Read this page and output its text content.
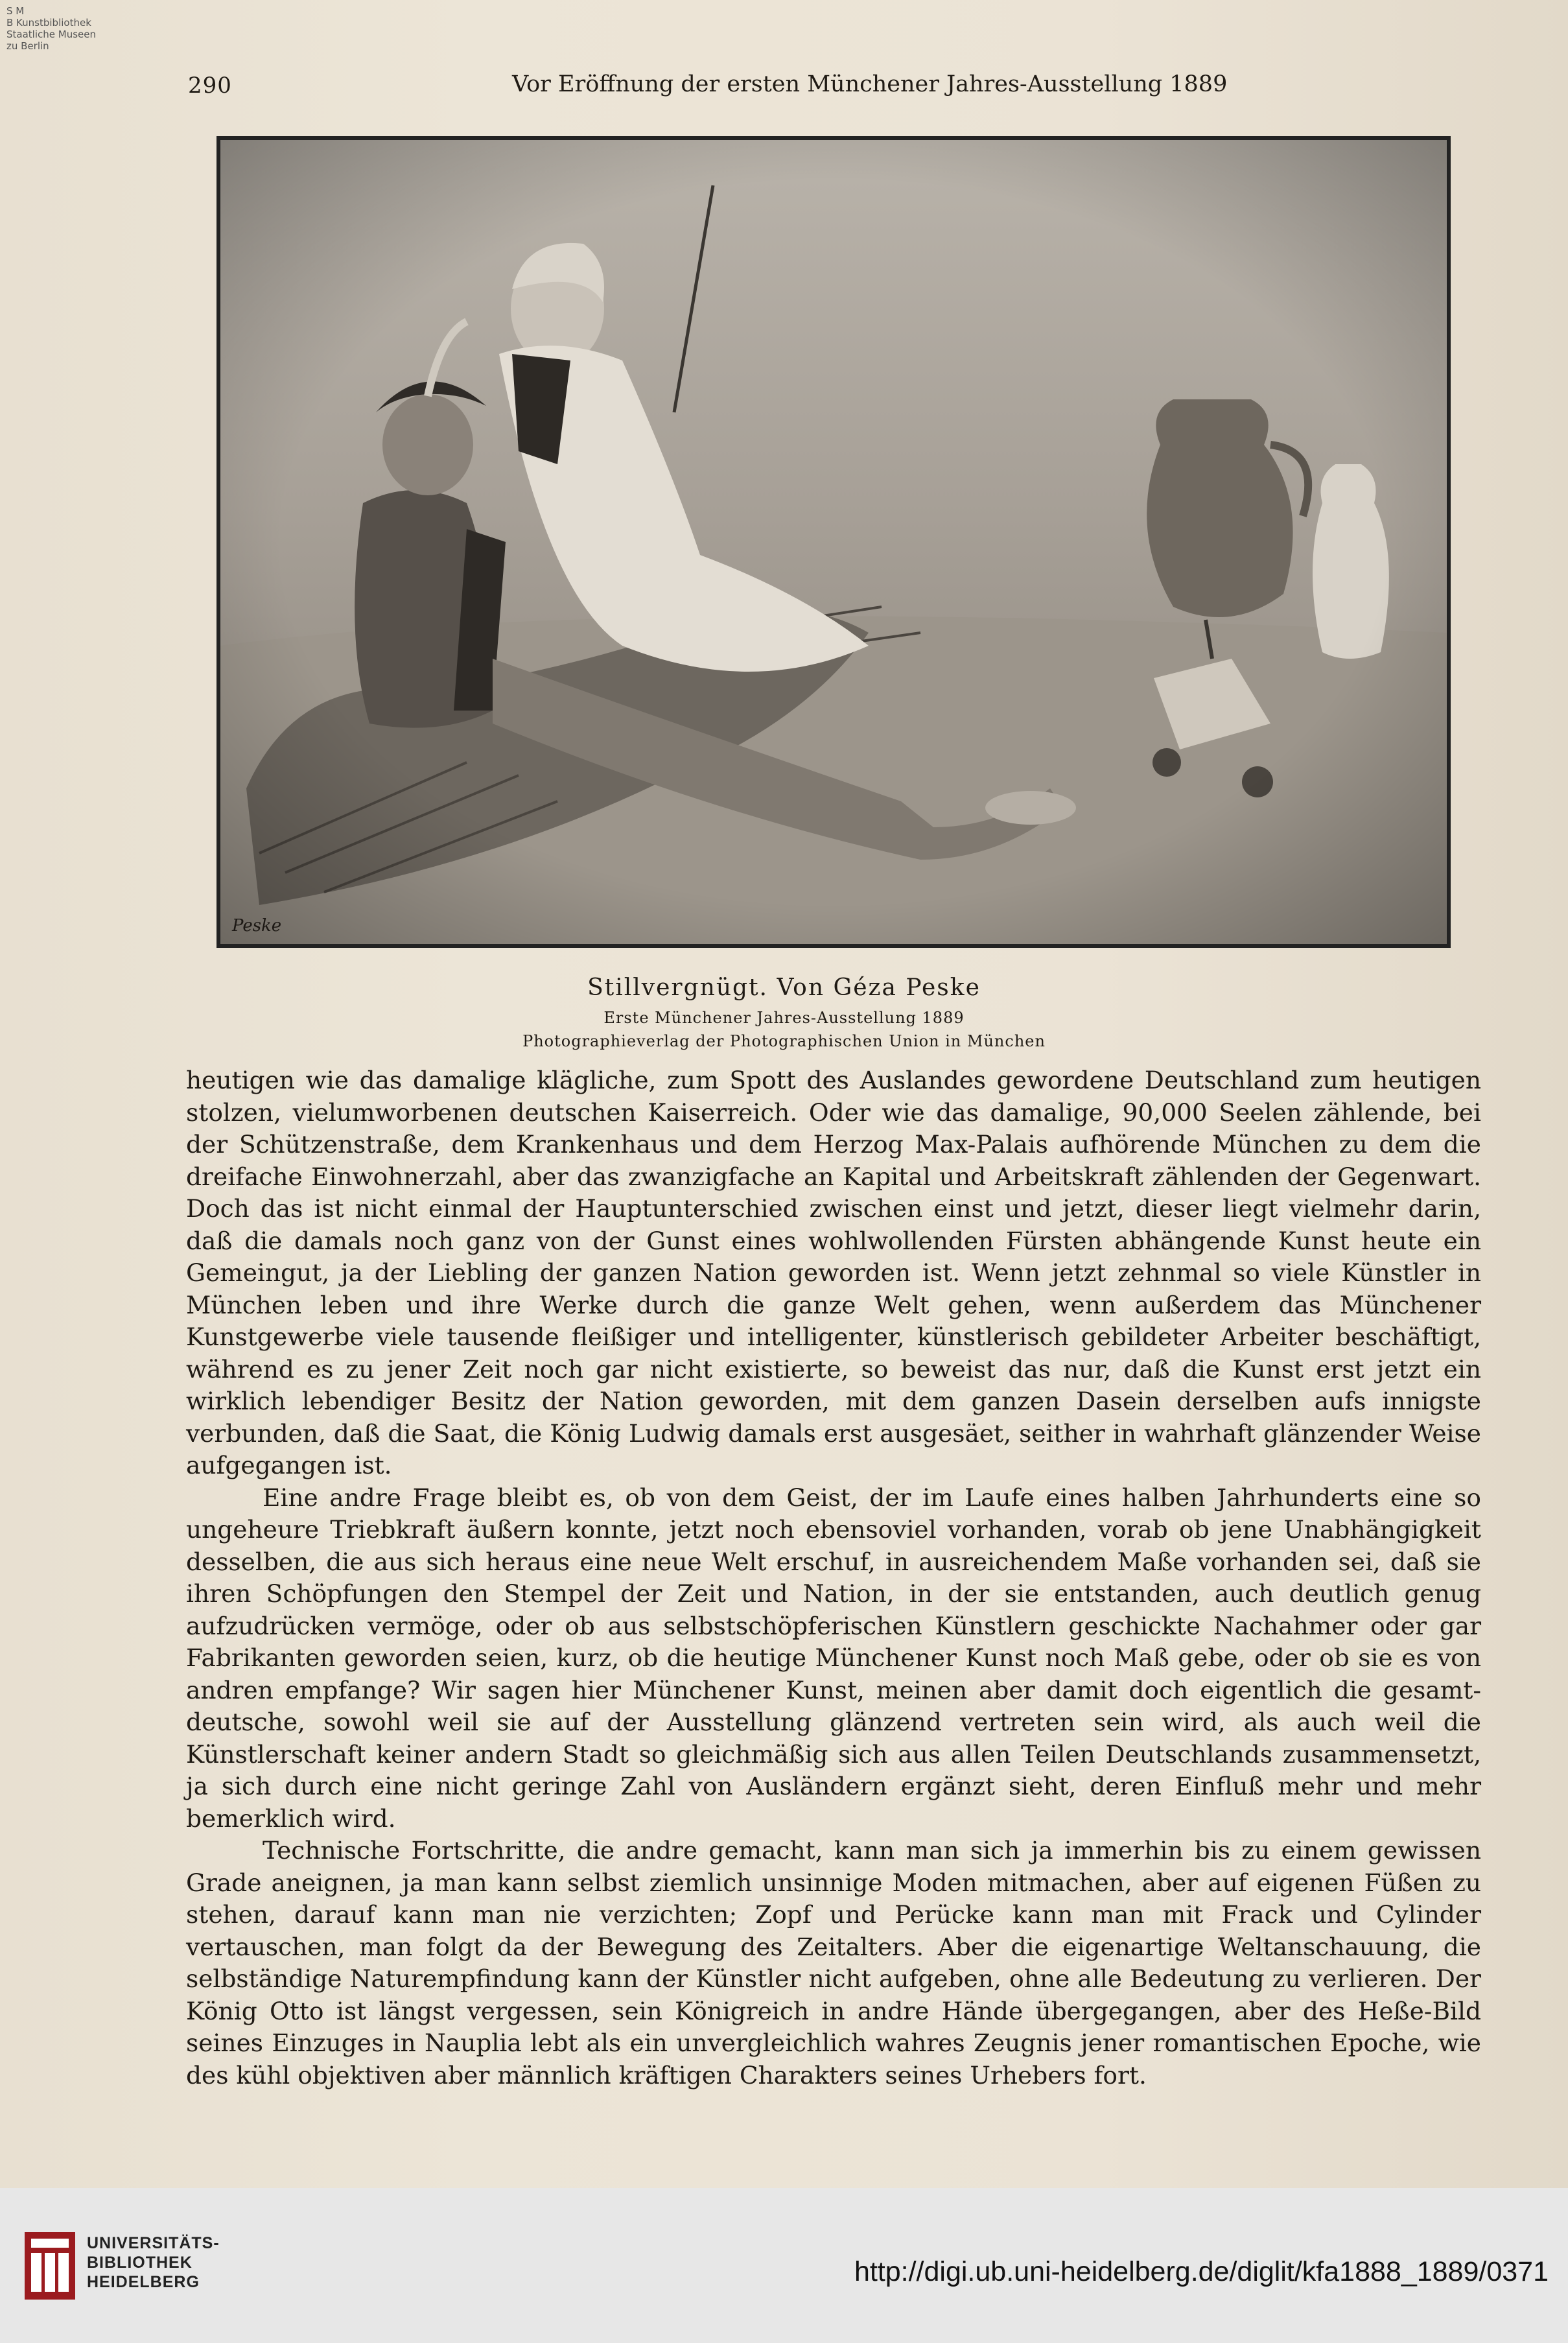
S M
B Kunstbibliothek
Staatliche Museen
zu Berlin
290	Vor Eröffnung der ersten Münchener Jahres-Ausstellung 1889
Peske
Stillvergnügt. Von Géza Peske
Erste Münchener Jahres-Ausstellung 1889
Photographieverlag der Photographischen Union in München

heutigen wie das damalige klägliche, zum Spott des Auslandes gewordene Deutschland zum heutigen stolzen, vielumworbenen deutschen Kaiserreich. Oder wie das damalige, 90,000 Seelen zählende, bei der Schützenstraße, dem Krankenhaus und dem Herzog Max-Palais aufhörende München zu dem die dreifache Einwohnerzahl, aber das zwanzigfache an Kapital und Arbeitskraft zählenden der Gegenwart. Doch das ist nicht einmal der Hauptunterschied zwischen einst und jetzt, dieser liegt vielmehr darin, daß die damals noch ganz von der Gunst eines wohlwollenden Fürsten abhängende Kunst heute ein Gemeingut, ja der Liebling der ganzen Nation geworden ist. Wenn jetzt zehnmal so viele Künstler in München leben und ihre Werke durch die ganze Welt gehen, wenn außerdem das Münchener Kunstgewerbe viele tausende fleißiger und intelligenter, künstlerisch gebildeter Arbeiter beschäftigt, während es zu jener Zeit noch gar nicht existierte, so beweist das nur, daß die Kunst erst jetzt ein wirklich lebendiger Besitz der Nation geworden, mit dem ganzen Dasein derselben aufs innigste verbunden, daß die Saat, die König Ludwig damals erst ausgesäet, seither in wahrhaft glänzender Weise aufgegangen ist.

Eine andre Frage bleibt es, ob von dem Geist, der im Laufe eines halben Jahrhunderts eine so ungeheure Triebkraft äußern konnte, jetzt noch ebensoviel vorhanden, vorab ob jene Unabhängigkeit desselben, die aus sich heraus eine neue Welt erschuf, in ausreichendem Maße vorhanden sei, daß sie ihren Schöpfungen den Stempel der Zeit und Nation, in der sie entstanden, auch deutlich genug aufzudrücken vermöge, oder ob aus selbstschöpferischen Künstlern geschickte Nachahmer oder gar Fabrikanten geworden seien, kurz, ob die heutige Münchener Kunst noch Maß gebe, oder ob sie es von andren empfange? Wir sagen hier Münchener Kunst, meinen aber damit doch eigentlich die gesamt-deutsche, sowohl weil sie auf der Ausstellung glänzend vertreten sein wird, als auch weil die Künstlerschaft keiner andern Stadt so gleichmäßig sich aus allen Teilen Deutschlands zusammensetzt, ja sich durch eine nicht geringe Zahl von Ausländern ergänzt sieht, deren Einfluß mehr und mehr bemerklich wird.

Technische Fortschritte, die andre gemacht, kann man sich ja immerhin bis zu einem gewissen Grade aneignen, ja man kann selbst ziemlich unsinnige Moden mitmachen, aber auf eigenen Füßen zu stehen, darauf kann man nie verzichten; Zopf und Perücke kann man mit Frack und Cylinder vertauschen, man folgt da der Bewegung des Zeitalters. Aber die eigenartige Weltanschauung, die selbständige Naturempfindung kann der Künstler nicht aufgeben, ohne alle Bedeutung zu verlieren. Der König Otto ist längst vergessen, sein Königreich in andre Hände übergegangen, aber des Heße-Bild seines Einzuges in Nauplia lebt als ein unvergleichlich wahres Zeugnis jener romantischen Epoche, wie des kühl objektiven aber männlich kräftigen Charakters seines Urhebers fort.

UNIVERSITÄTS-
BIBLIOTHEK
HEIDELBERG	http://digi.ub.uni-heidelberg.de/diglit/kfa1888_1889/0371
